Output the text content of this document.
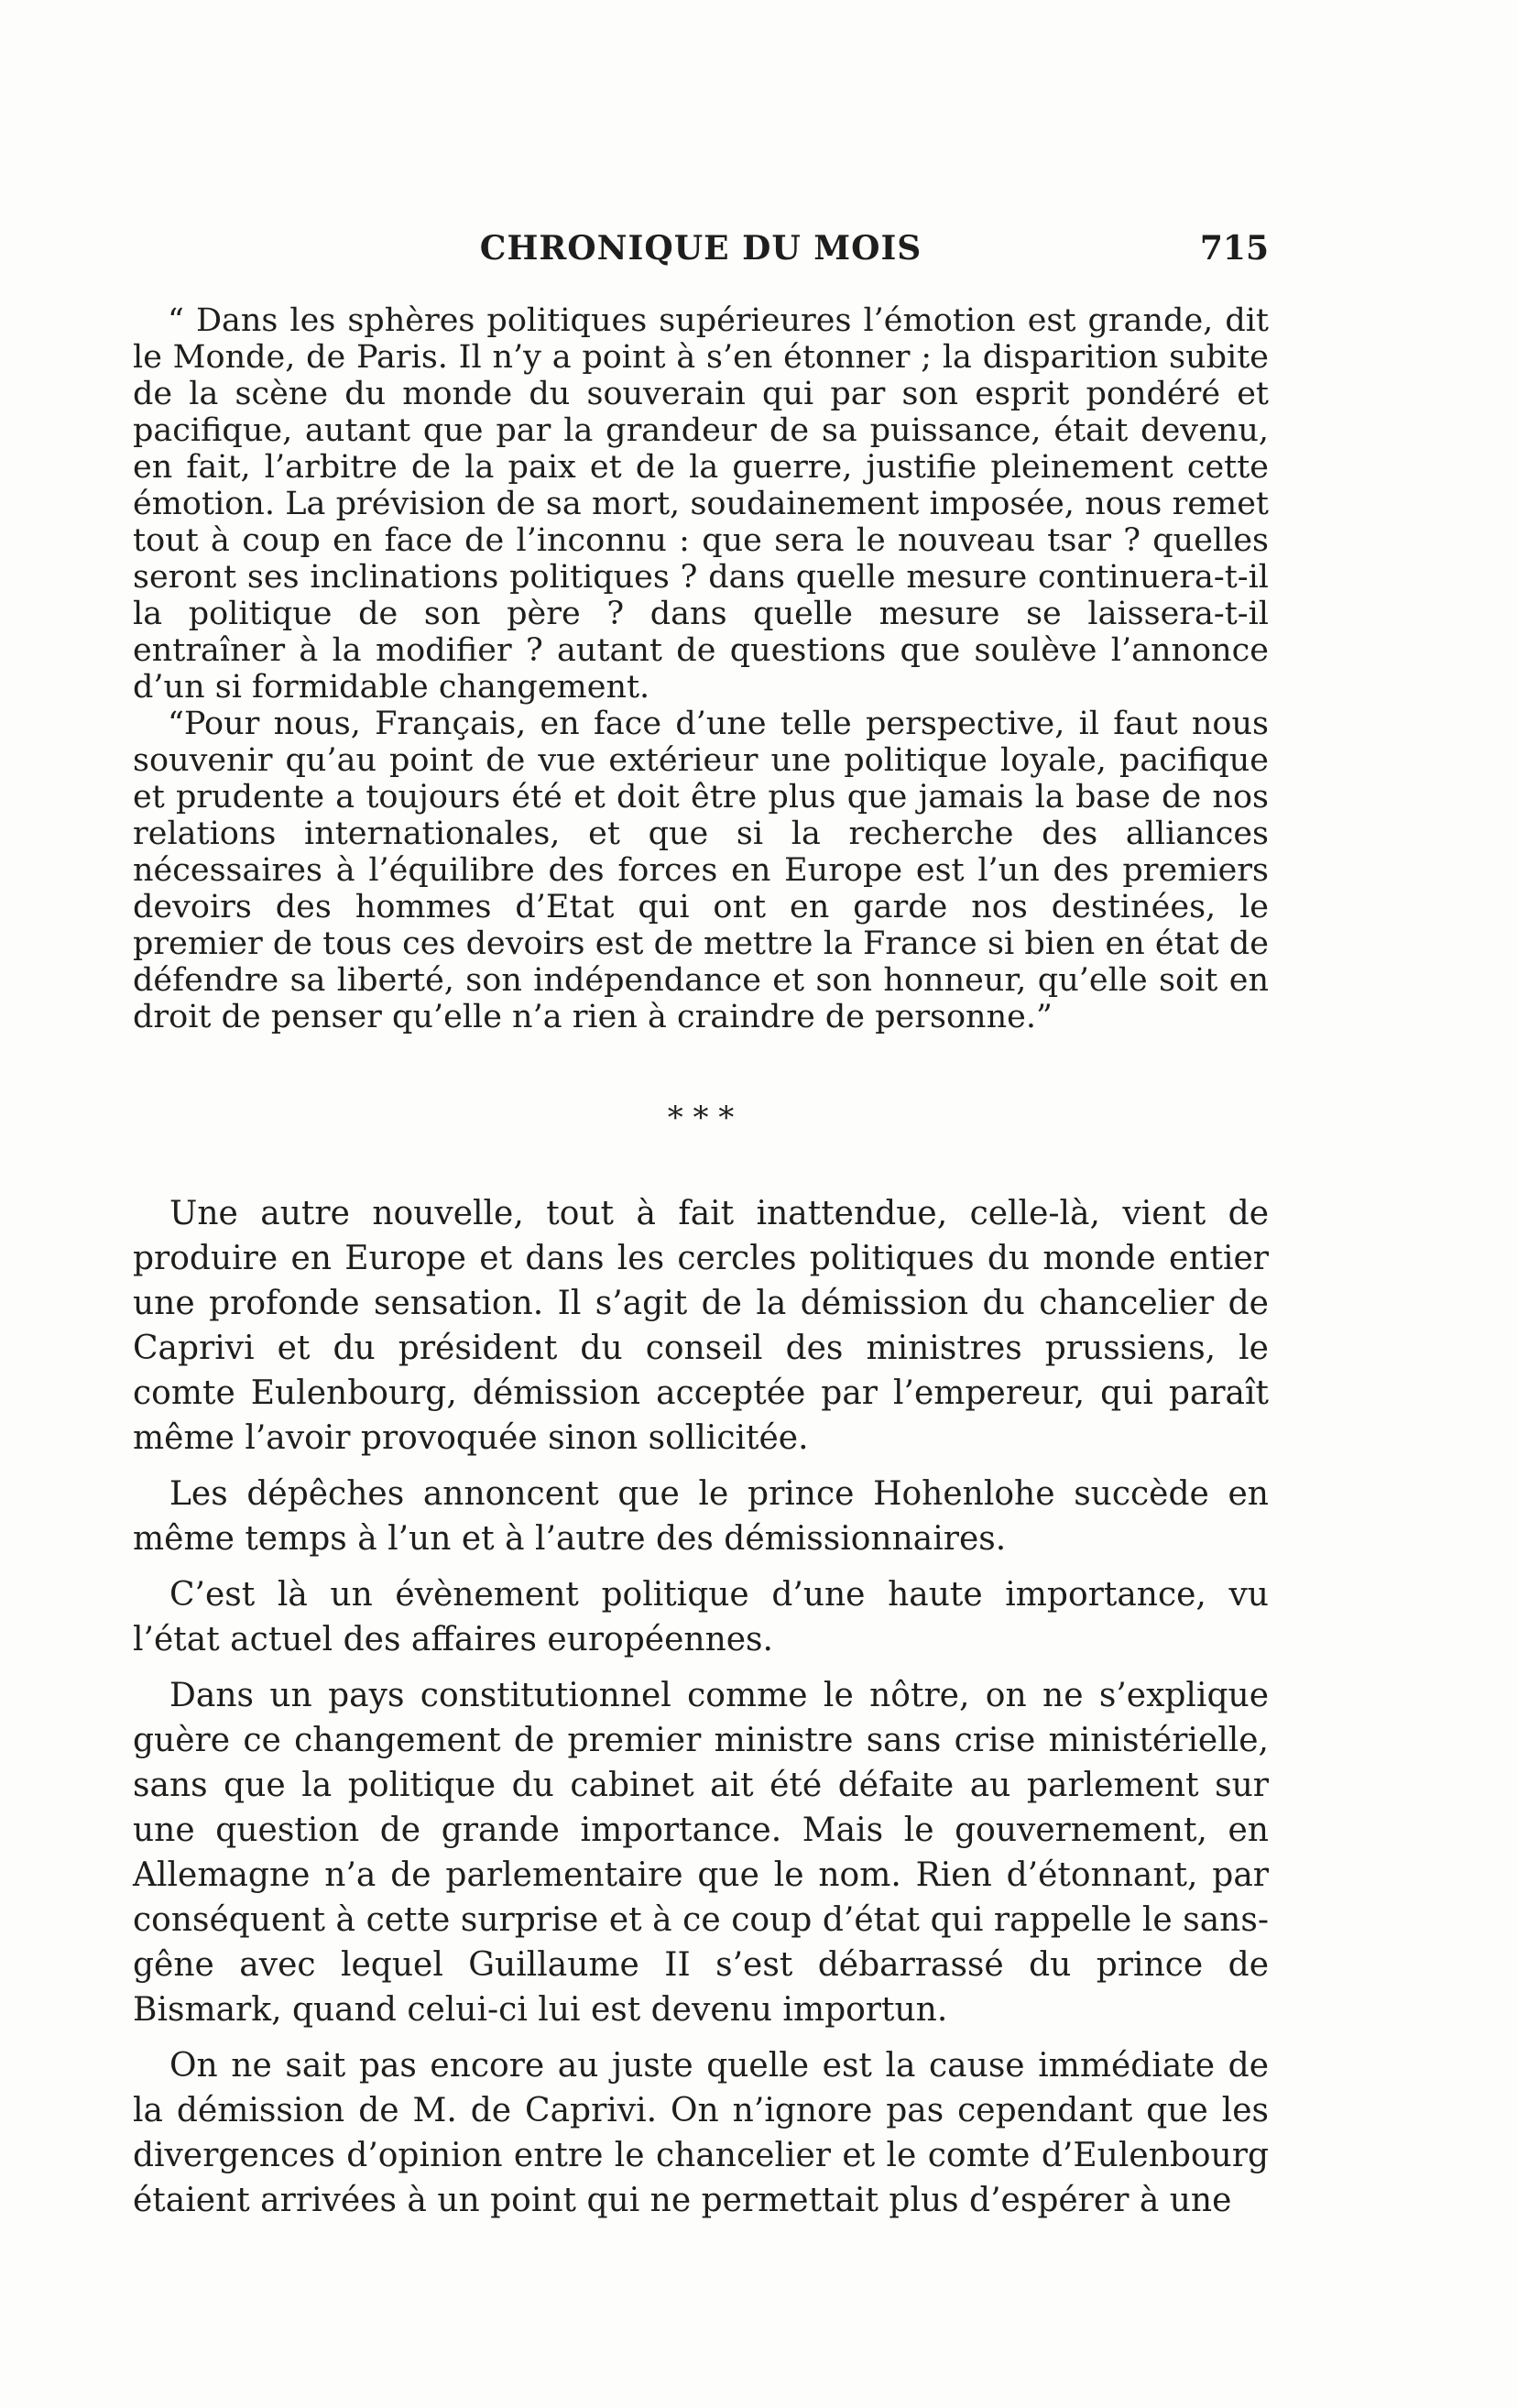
CHRONIQUE DU MOIS	715

“ Dans les sphères politiques supérieures l’émotion est grande, dit le Monde, de Paris. Il n’y a point à s’en étonner ; la disparition subite de la scène du monde du souverain qui par son esprit pondéré et pacifique, autant que par la grandeur de sa puissance, était devenu, en fait, l’arbitre de la paix et de la guerre, justifie pleinement cette émotion. La prévision de sa mort, soudainement imposée, nous remet tout à coup en face de l’inconnu : que sera le nouveau tsar ? quelles seront ses inclinations politiques ? dans quelle mesure continuera-t-il la politique de son père ? dans quelle mesure se laissera-t-il entraîner à la modifier ? autant de questions que soulève l’annonce d’un si formidable changement.

“Pour nous, Français, en face d’une telle perspective, il faut nous souvenir qu’au point de vue extérieur une politique loyale, pacifique et prudente a toujours été et doit être plus que jamais la base de nos relations internationales, et que si la recherche des alliances nécessaires à l’équilibre des forces en Europe est l’un des premiers devoirs des hommes d’Etat qui ont en garde nos destinées, le premier de tous ces devoirs est de mettre la France si bien en état de défendre sa liberté, son indépendance et son honneur, qu’elle soit en droit de penser qu’elle n’a rien à craindre de personne.”

* * *

Une autre nouvelle, tout à fait inattendue, celle-là, vient de produire en Europe et dans les cercles politiques du monde entier une profonde sensation. Il s’agit de la démission du chancelier de Caprivi et du président du conseil des ministres prussiens, le comte Eulenbourg, démission acceptée par l’empereur, qui paraît même l’avoir provoquée sinon sollicitée.

Les dépêches annoncent que le prince Hohenlohe succède en même temps à l’un et à l’autre des démissionnaires.

C’est là un évènement politique d’une haute importance, vu l’état actuel des affaires européennes.

Dans un pays constitutionnel comme le nôtre, on ne s’explique guère ce changement de premier ministre sans crise ministérielle, sans que la politique du cabinet ait été défaite au parlement sur une question de grande importance. Mais le gouvernement, en Allemagne n’a de parlementaire que le nom. Rien d’étonnant, par conséquent à cette surprise et à ce coup d’état qui rappelle le sans-gêne avec lequel Guillaume II s’est débarrassé du prince de Bismark, quand celui-ci lui est devenu importun.

On ne sait pas encore au juste quelle est la cause immédiate de la démission de M. de Caprivi. On n’ignore pas cependant que les divergences d’opinion entre le chancelier et le comte d’Eulenbourg étaient arrivées à un point qui ne permettait plus d’espérer à une
